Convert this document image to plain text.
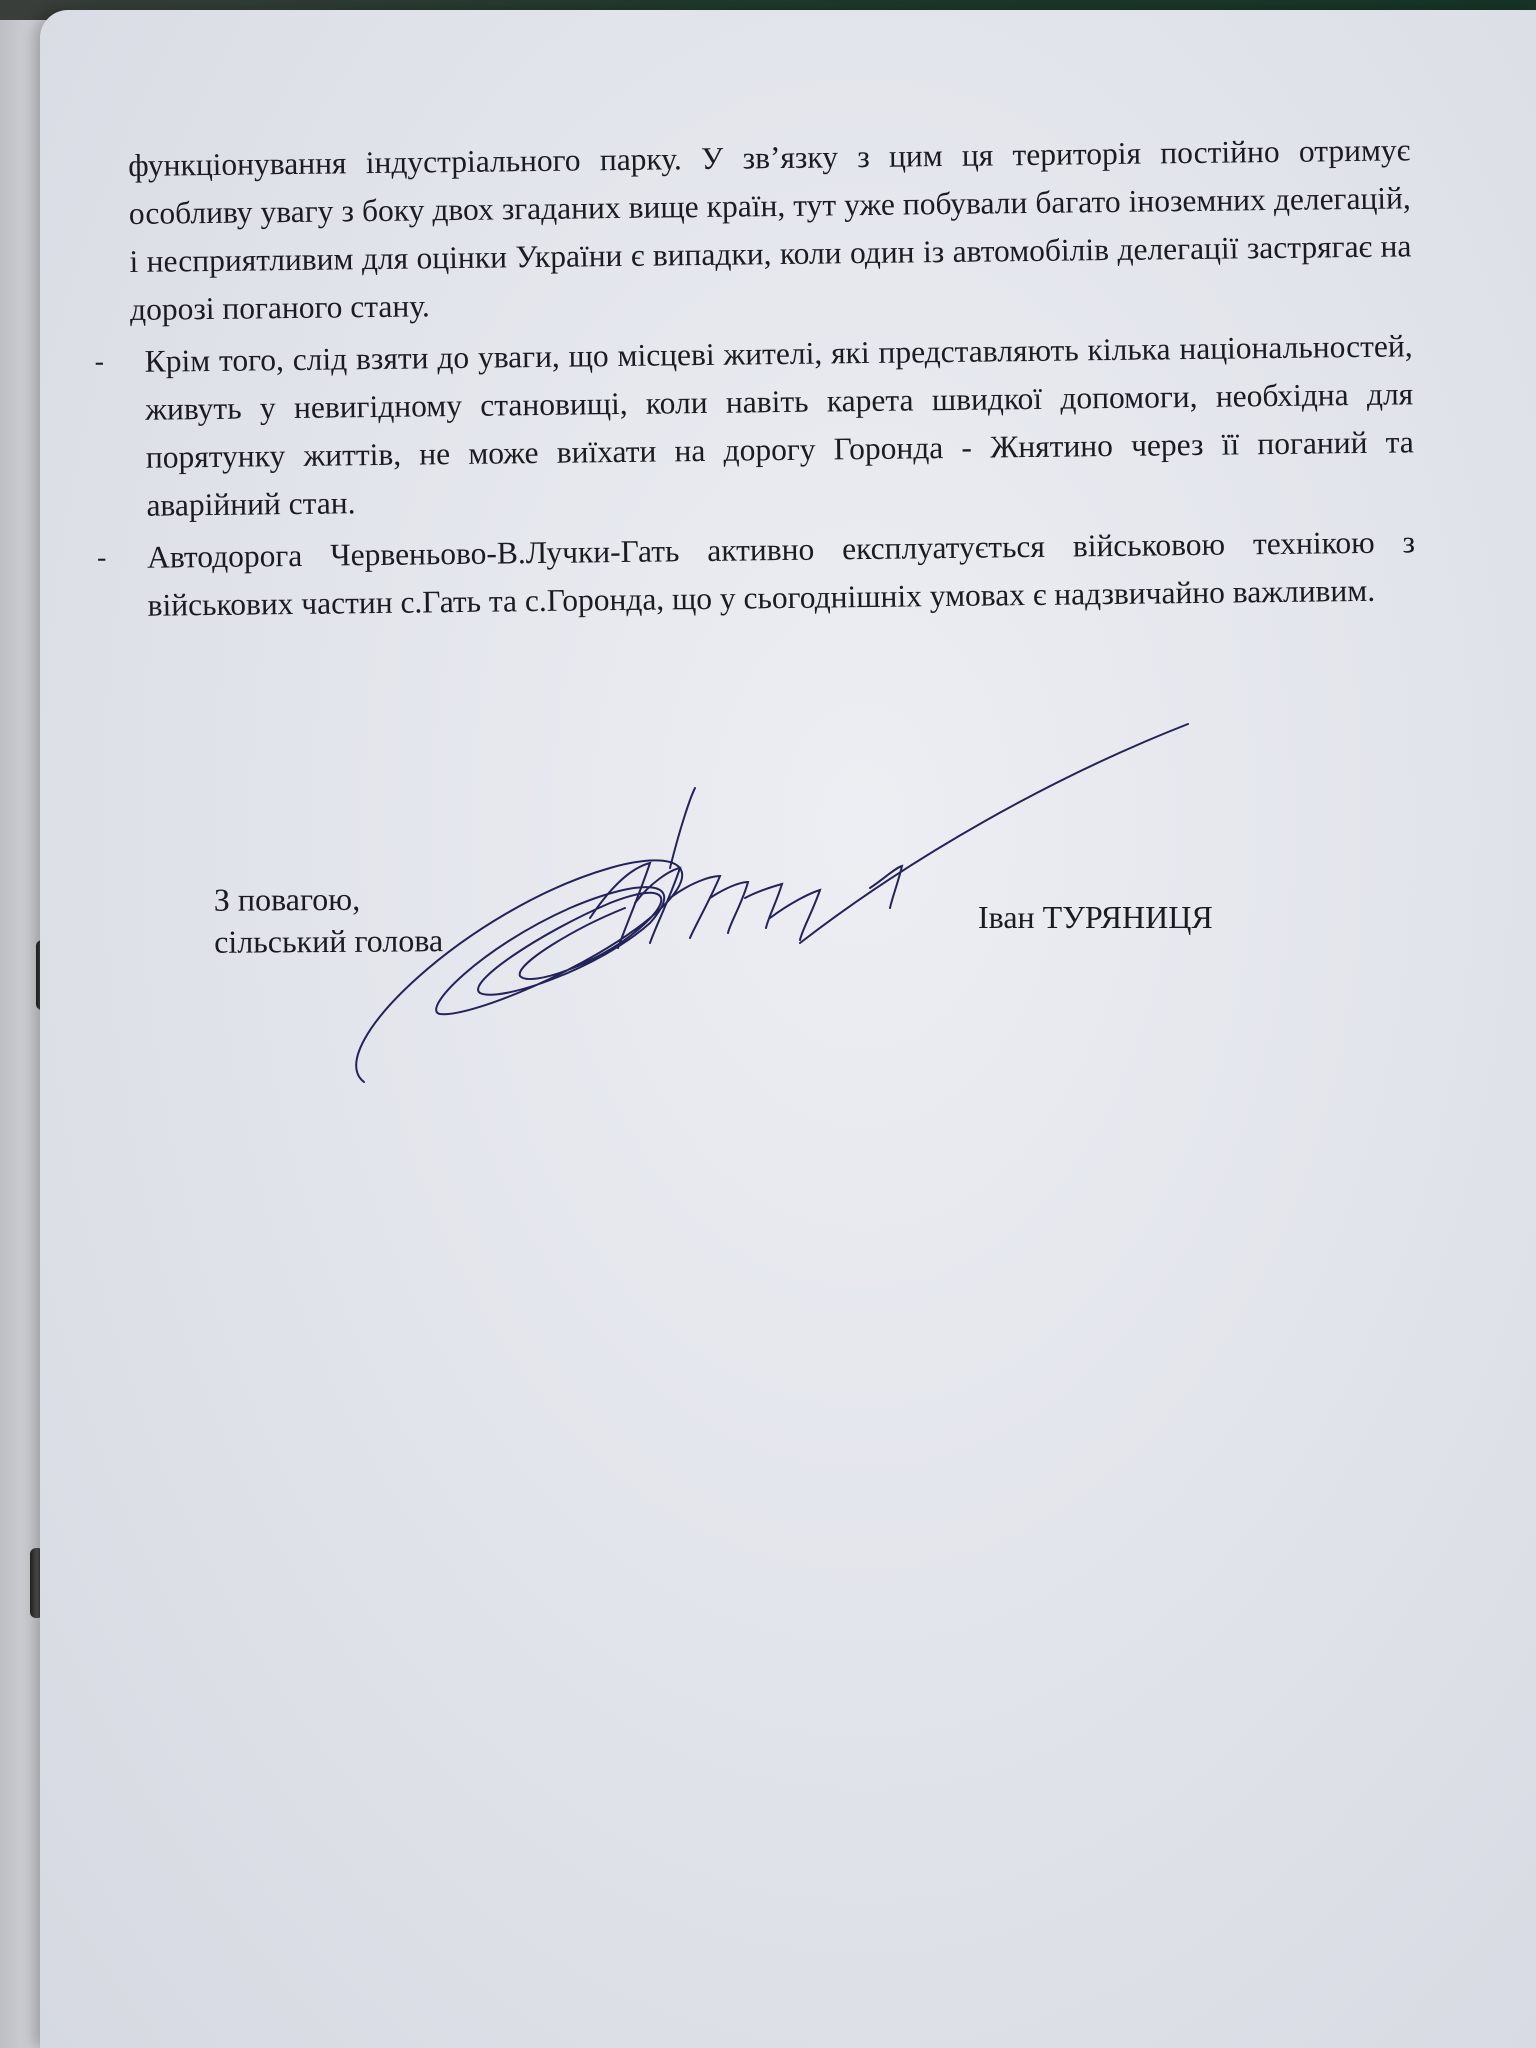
функціонування індустріального парку. У зв’язку з цим ця територія постійно отримує особливу увагу з боку двох згаданих вище країн, тут уже побували багато іноземних делегацій, і несприятливим для оцінки України є випадки, коли один із автомобілів делегації застрягає на дорозі поганого стану.

- Крім того, слід взяти до уваги, що місцеві жителі, які представляють кілька національностей, живуть у невигідному становищі, коли навіть карета швидкої допомоги, необхідна для порятунку життів, не може виїхати на дорогу Горонда - Жнятино через її поганий та аварійний стан.

- Автодорога Червеньово-В.Лучки-Гать активно експлуатується військовою технікою з військових частин с.Гать та с.Горонда, що у сьогоднішніх умовах є надзвичайно важливим.

З повагою,
сільський голова
Іван ТУРЯНИЦЯ
